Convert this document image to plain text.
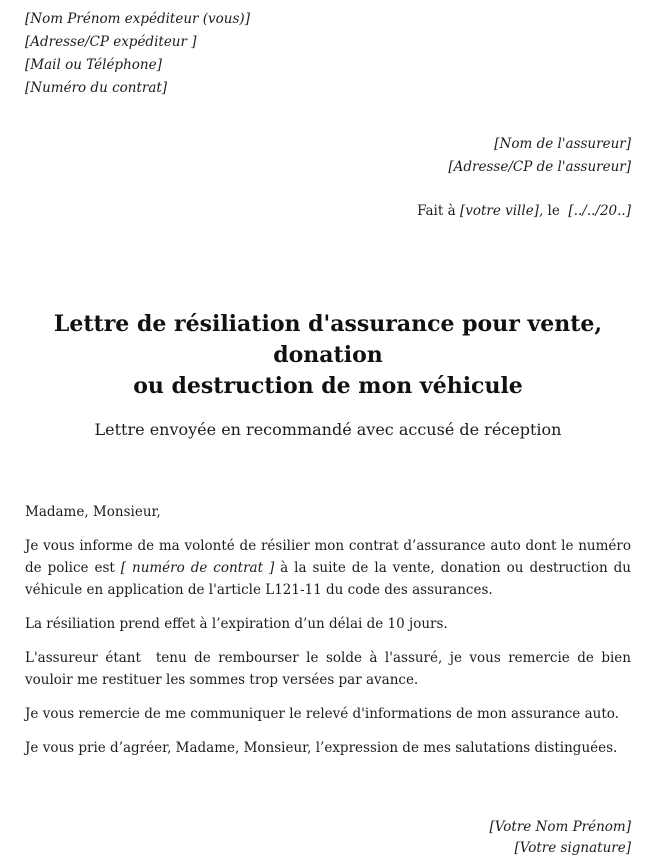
[Nom Prénom expéditeur (vous)]
[Adresse/CP expéditeur ]
[Mail ou Téléphone]
[Numéro du contrat]
[Nom de l'assureur]
[Adresse/CP de l'assureur]
Fait à [votre ville], le  [../../20..]
Lettre de résiliation d'assurance pour vente, donation
ou destruction de mon véhicule
Lettre envoyée en recommandé avec accusé de réception

Madame, Monsieur,

Je vous informe de ma volonté de résilier mon contrat d’assurance auto dont le numéro de police est [ numéro de contrat ] à la suite de la vente, donation ou destruction du véhicule en application de l'article L121-11 du code des assurances.

La résiliation prend effet à l’expiration d’un délai de 10 jours.

L'assureur étant  tenu de rembourser le solde à l'assuré, je vous remercie de bien vouloir me restituer les sommes trop versées par avance.

Je vous remercie de me communiquer le relevé d'informations de mon assurance auto.

Je vous prie d’agréer, Madame, Monsieur, l’expression de mes salutations distinguées.

[Votre Nom Prénom]
[Votre signature]
